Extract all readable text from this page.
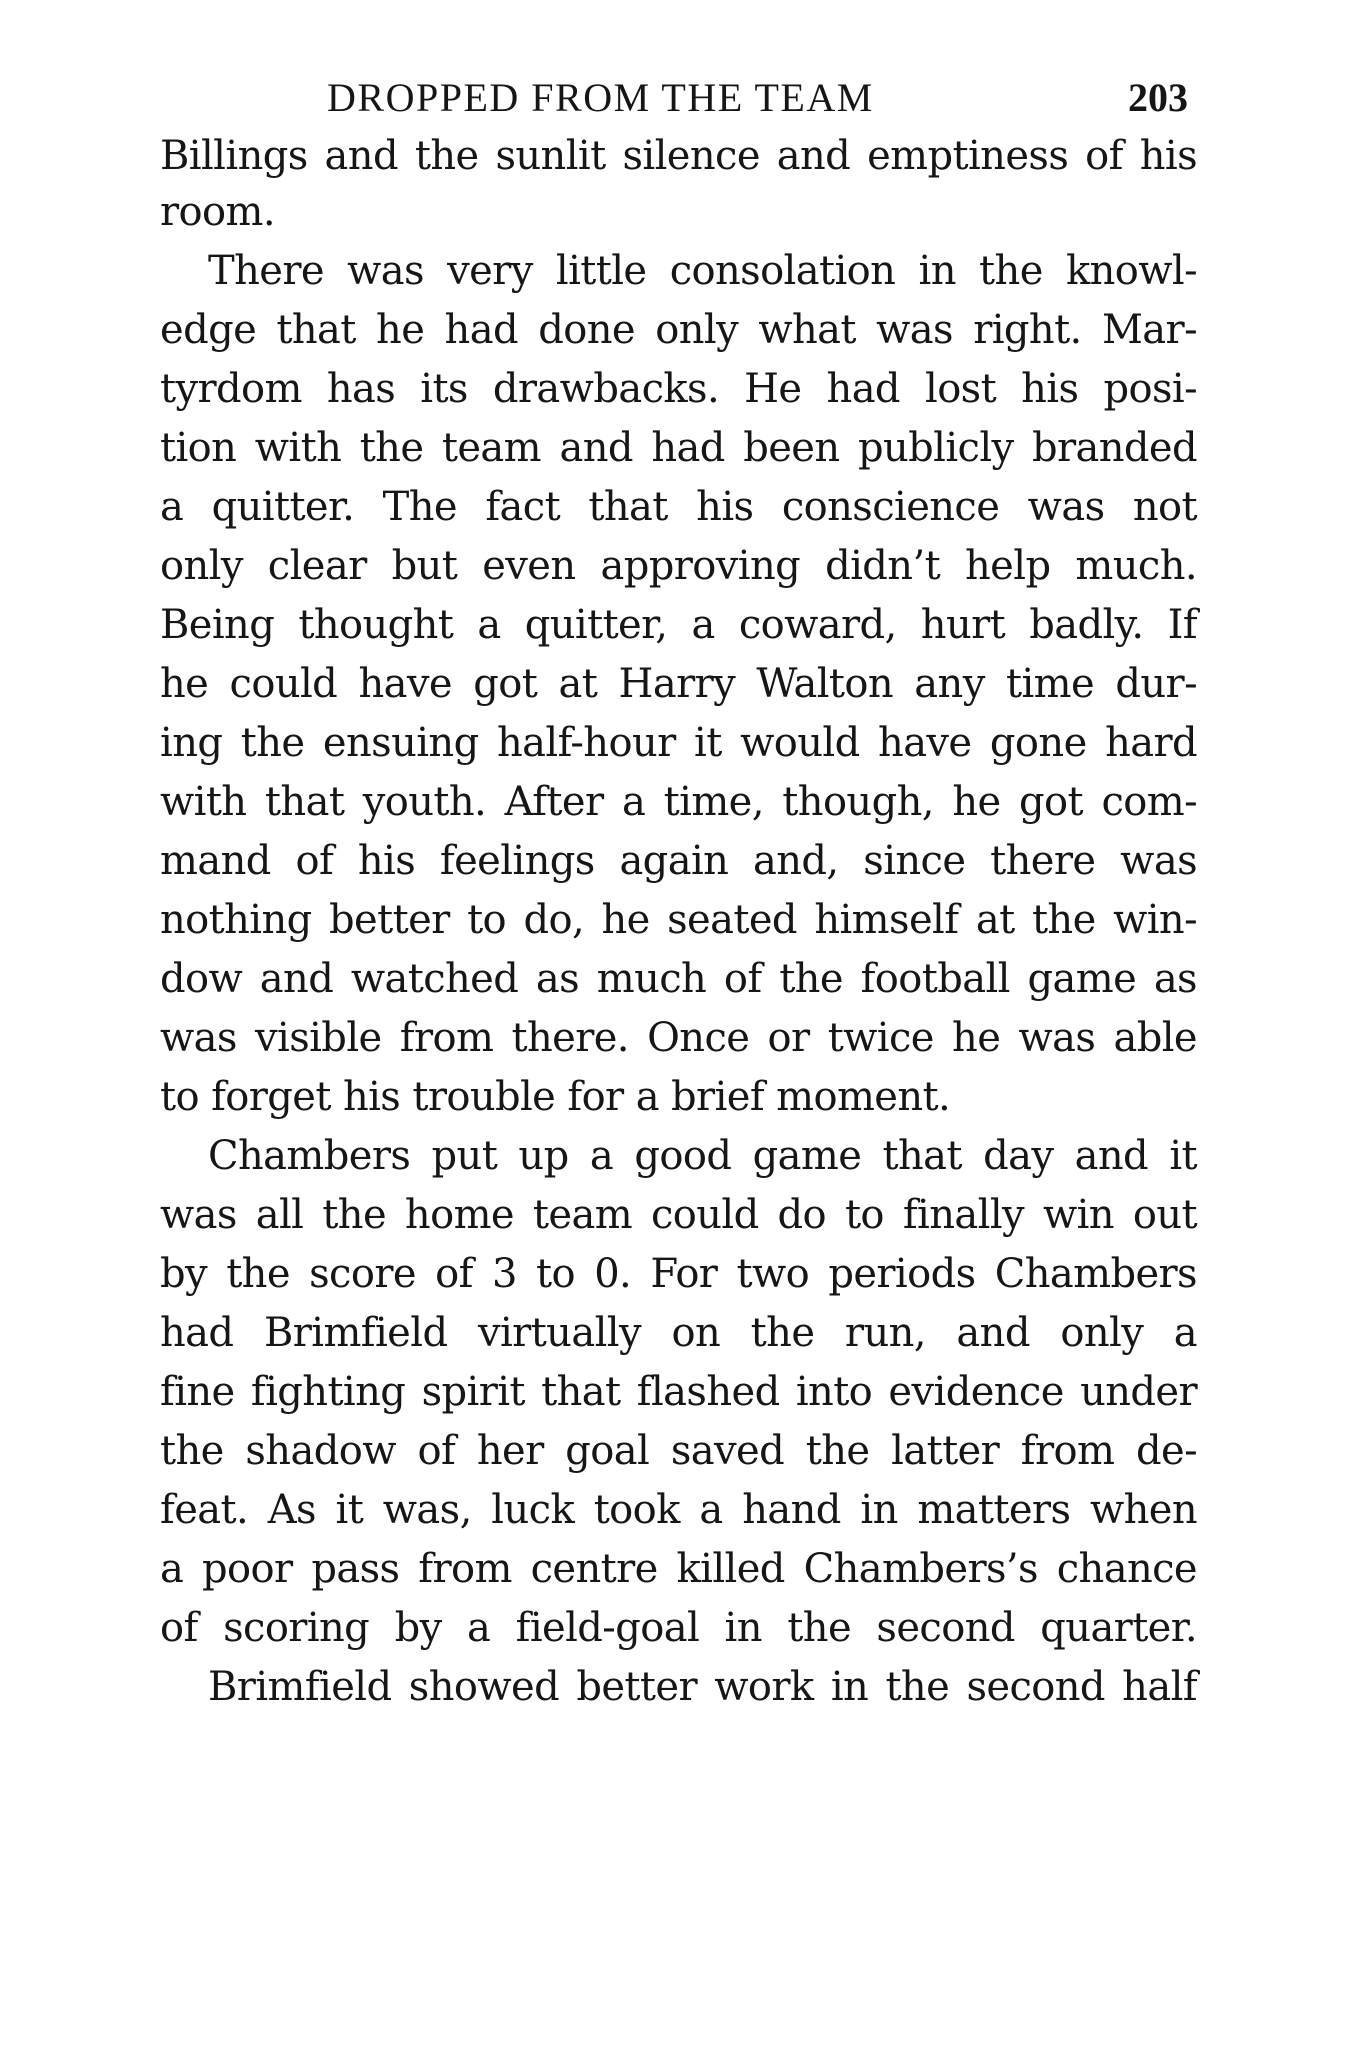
DROPPED FROM THE TEAM	203
Billings and the sunlit silence and emptiness of his
room.
There was very little consolation in the knowl-
edge that he had done only what was right. Mar-
tyrdom has its drawbacks. He had lost his posi-
tion with the team and had been publicly branded
a quitter. The fact that his conscience was not
only clear but even approving didn’t help much.
Being thought a quitter, a coward, hurt badly. If
he could have got at Harry Walton any time dur-
ing the ensuing half-hour it would have gone hard
with that youth. After a time, though, he got com-
mand of his feelings again and, since there was
nothing better to do, he seated himself at the win-
dow and watched as much of the football game as
was visible from there. Once or twice he was able
to forget his trouble for a brief moment.
Chambers put up a good game that day and it
was all the home team could do to finally win out
by the score of 3 to 0. For two periods Chambers
had Brimfield virtually on the run, and only a
fine fighting spirit that flashed into evidence under
the shadow of her goal saved the latter from de-
feat. As it was, luck took a hand in matters when
a poor pass from centre killed Chambers’s chance
of scoring by a field-goal in the second quarter.
Brimfield showed better work in the second half
